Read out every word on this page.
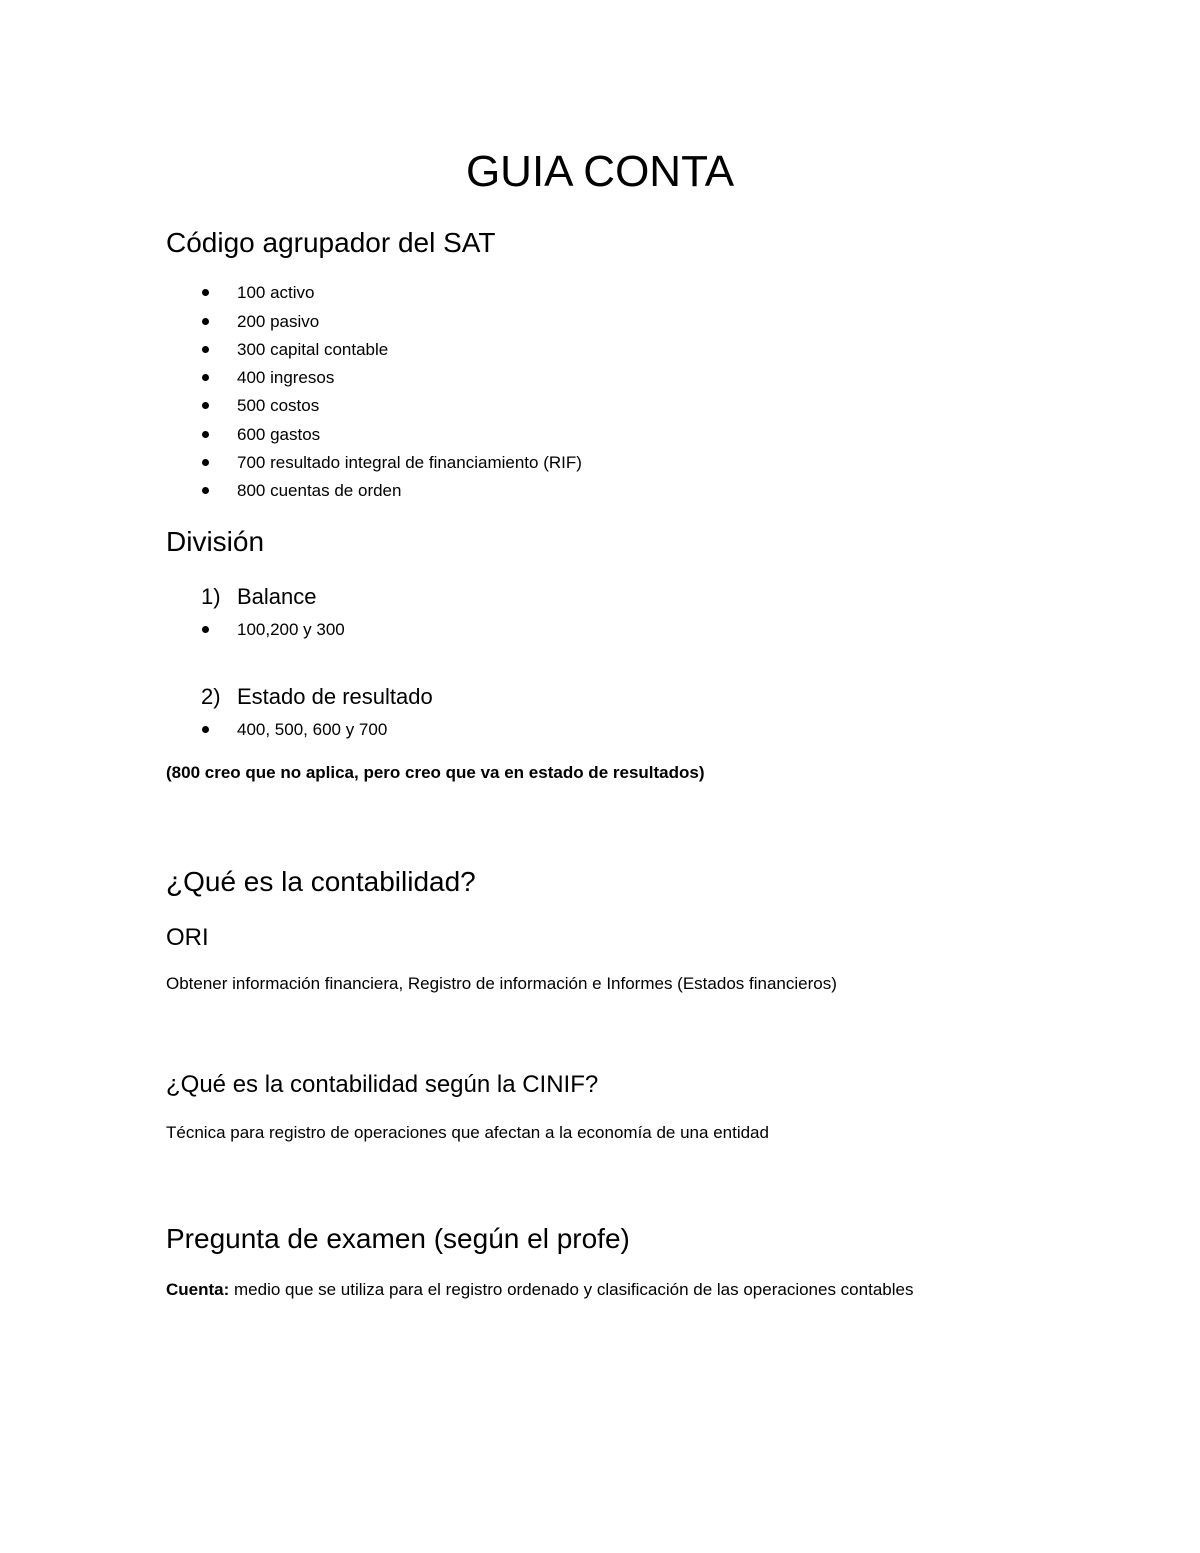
GUIA CONTA
Código agrupador del SAT
100 activo
200 pasivo
300 capital contable
400 ingresos
500 costos
600 gastos
700 resultado integral de financiamiento (RIF)
800 cuentas de orden
División
1) Balance
100,200 y 300
2) Estado de resultado
400, 500, 600 y 700
(800 creo que no aplica, pero creo que va en estado de resultados)
¿Qué es la contabilidad?
ORI
Obtener información financiera, Registro de información e Informes (Estados financieros)
¿Qué es la contabilidad según la CINIF?
Técnica para registro de operaciones que afectan a la economía de una entidad
Pregunta de examen (según el profe)
Cuenta: medio que se utiliza para el registro ordenado y clasificación de las operaciones contables
